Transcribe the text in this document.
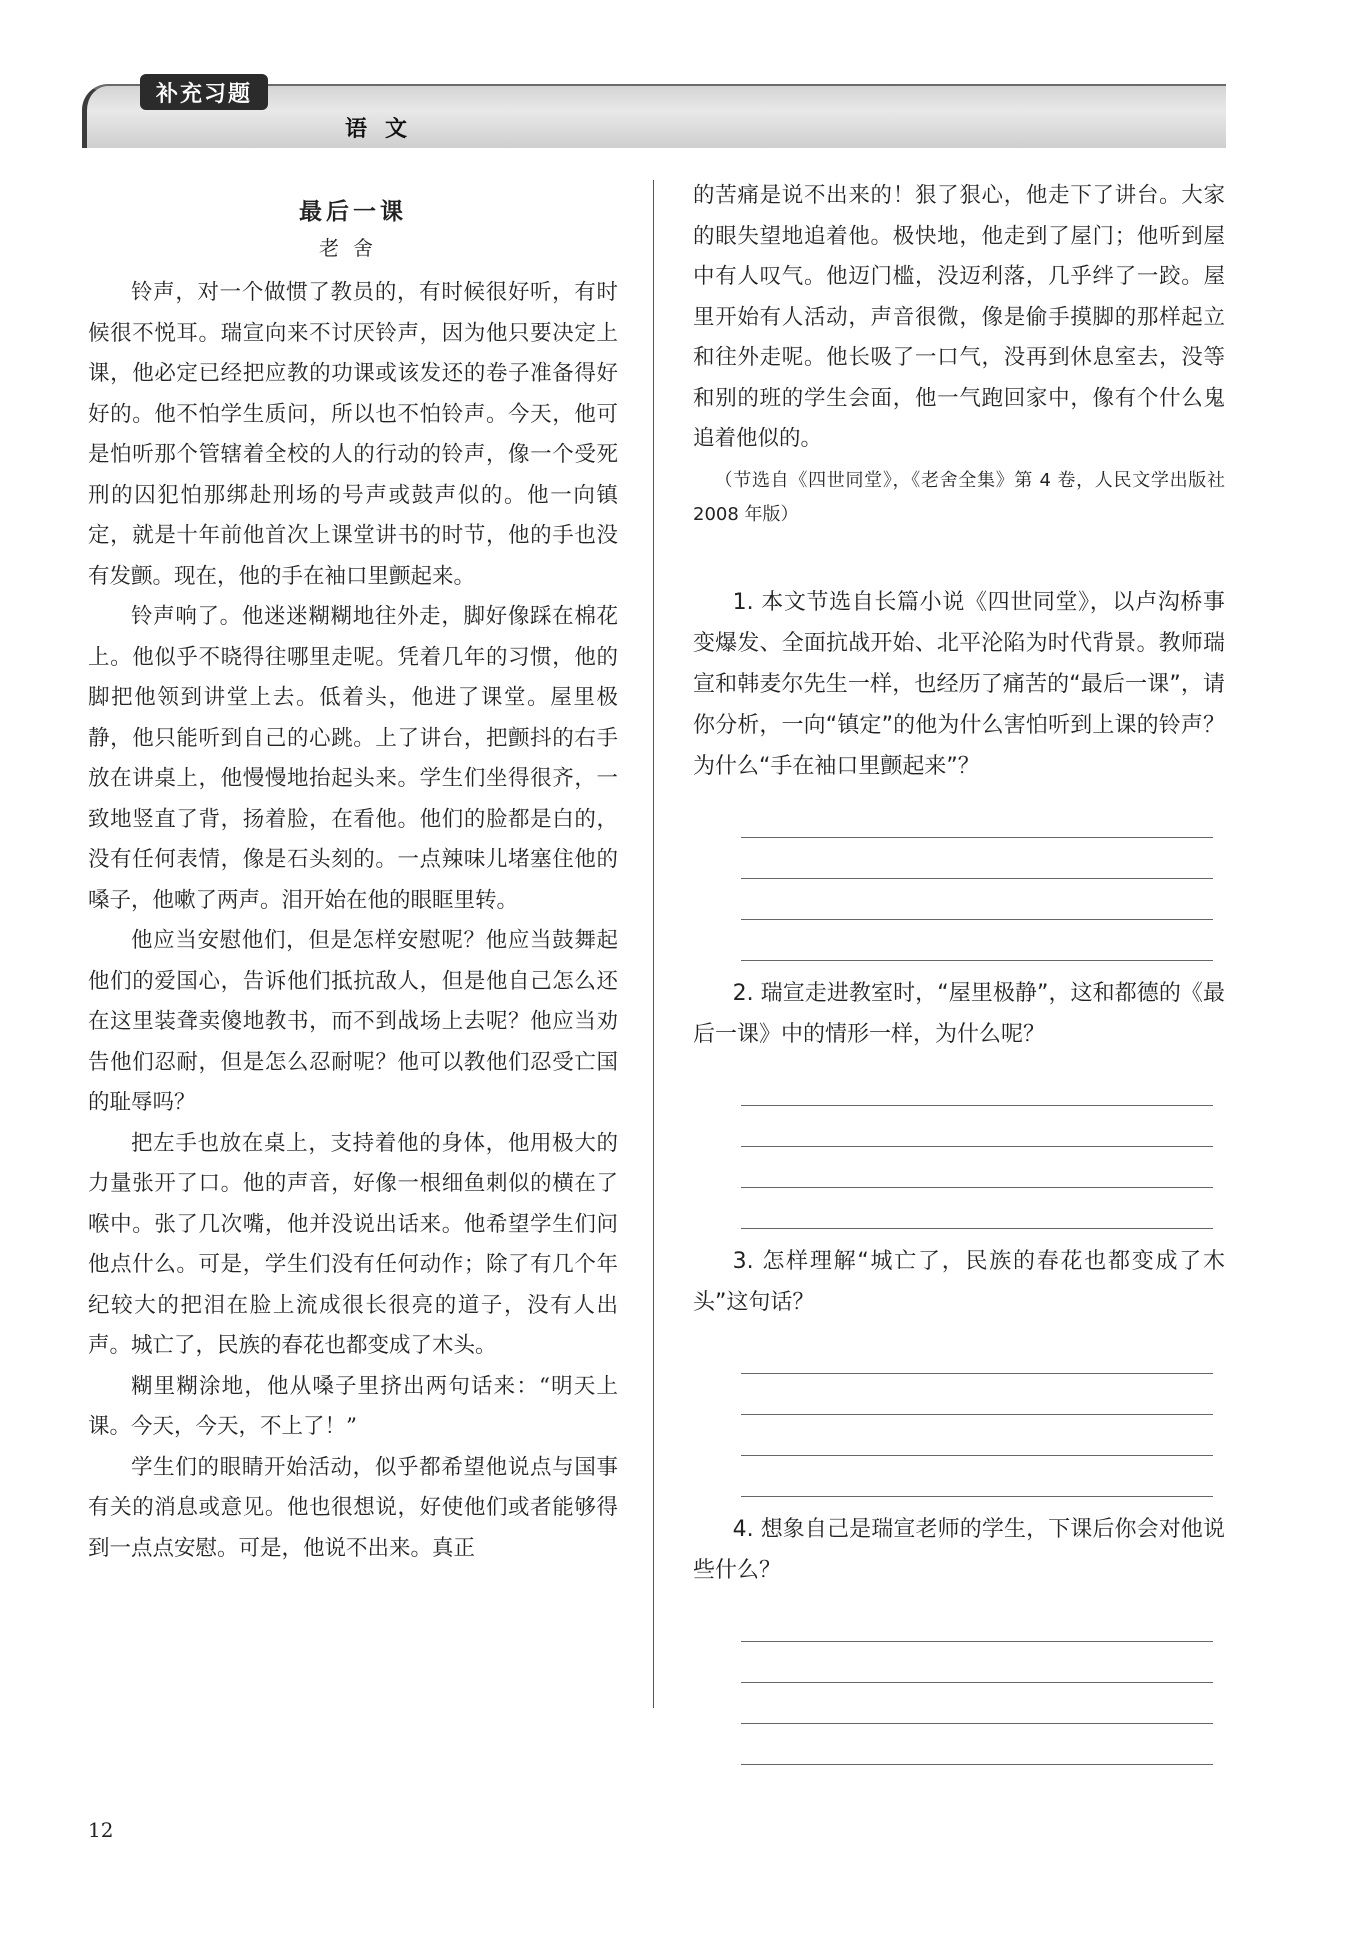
补充习题
语文
最后一课
老舍

铃声，对一个做惯了教员的，有时候很好听，有时候很不悦耳。瑞宣向来不讨厌铃声，因为他只要决定上课，他必定已经把应教的功课或该发还的卷子准备得好好的。他不怕学生质问，所以也不怕铃声。今天，他可是怕听那个管辖着全校的人的行动的铃声，像一个受死刑的囚犯怕那绑赴刑场的号声或鼓声似的。他一向镇定，就是十年前他首次上课堂讲书的时节，他的手也没有发颤。现在，他的手在袖口里颤起来。

铃声响了。他迷迷糊糊地往外走，脚好像踩在棉花上。他似乎不晓得往哪里走呢。凭着几年的习惯，他的脚把他领到讲堂上去。低着头，他进了课堂。屋里极静，他只能听到自己的心跳。上了讲台，把颤抖的右手放在讲桌上，他慢慢地抬起头来。学生们坐得很齐，一致地竖直了背，扬着脸，在看他。他们的脸都是白的，没有任何表情，像是石头刻的。一点辣味儿堵塞住他的嗓子，他嗽了两声。泪开始在他的眼眶里转。

他应当安慰他们，但是怎样安慰呢？他应当鼓舞起他们的爱国心，告诉他们抵抗敌人，但是他自己怎么还在这里装聋卖傻地教书，而不到战场上去呢？他应当劝告他们忍耐，但是怎么忍耐呢？他可以教他们忍受亡国的耻辱吗？

把左手也放在桌上，支持着他的身体，他用极大的力量张开了口。他的声音，好像一根细鱼刺似的横在了喉中。张了几次嘴，他并没说出话来。他希望学生们问他点什么。可是，学生们没有任何动作；除了有几个年纪较大的把泪在脸上流成很长很亮的道子，没有人出声。城亡了，民族的春花也都变成了木头。

糊里糊涂地，他从嗓子里挤出两句话来：“明天上课。今天，今天，不上了！”

学生们的眼睛开始活动，似乎都希望他说点与国事有关的消息或意见。他也很想说，好使他们或者能够得到一点点安慰。可是，他说不出来。真正

的苦痛是说不出来的！狠了狠心，他走下了讲台。大家的眼失望地追着他。极快地，他走到了屋门；他听到屋中有人叹气。他迈门槛，没迈利落，几乎绊了一跤。屋里开始有人活动，声音很微，像是偷手摸脚的那样起立和往外走呢。他长吸了一口气，没再到休息室去，没等和别的班的学生会面，他一气跑回家中，像有个什么鬼追着他似的。

（节选自《四世同堂》，《老舍全集》第 4 卷，人民文学出版社 2008 年版）

1. 本文节选自长篇小说《四世同堂》，以卢沟桥事变爆发、全面抗战开始、北平沦陷为时代背景。教师瑞宣和韩麦尔先生一样，也经历了痛苦的“最后一课”，请你分析，一向“镇定”的他为什么害怕听到上课的铃声？为什么“手在袖口里颤起来”？

2. 瑞宣走进教室时，“屋里极静”，这和都德的《最后一课》中的情形一样，为什么呢？

3. 怎样理解“城亡了，民族的春花也都变成了木头”这句话？

4. 想象自己是瑞宣老师的学生，下课后你会对他说些什么？

12
